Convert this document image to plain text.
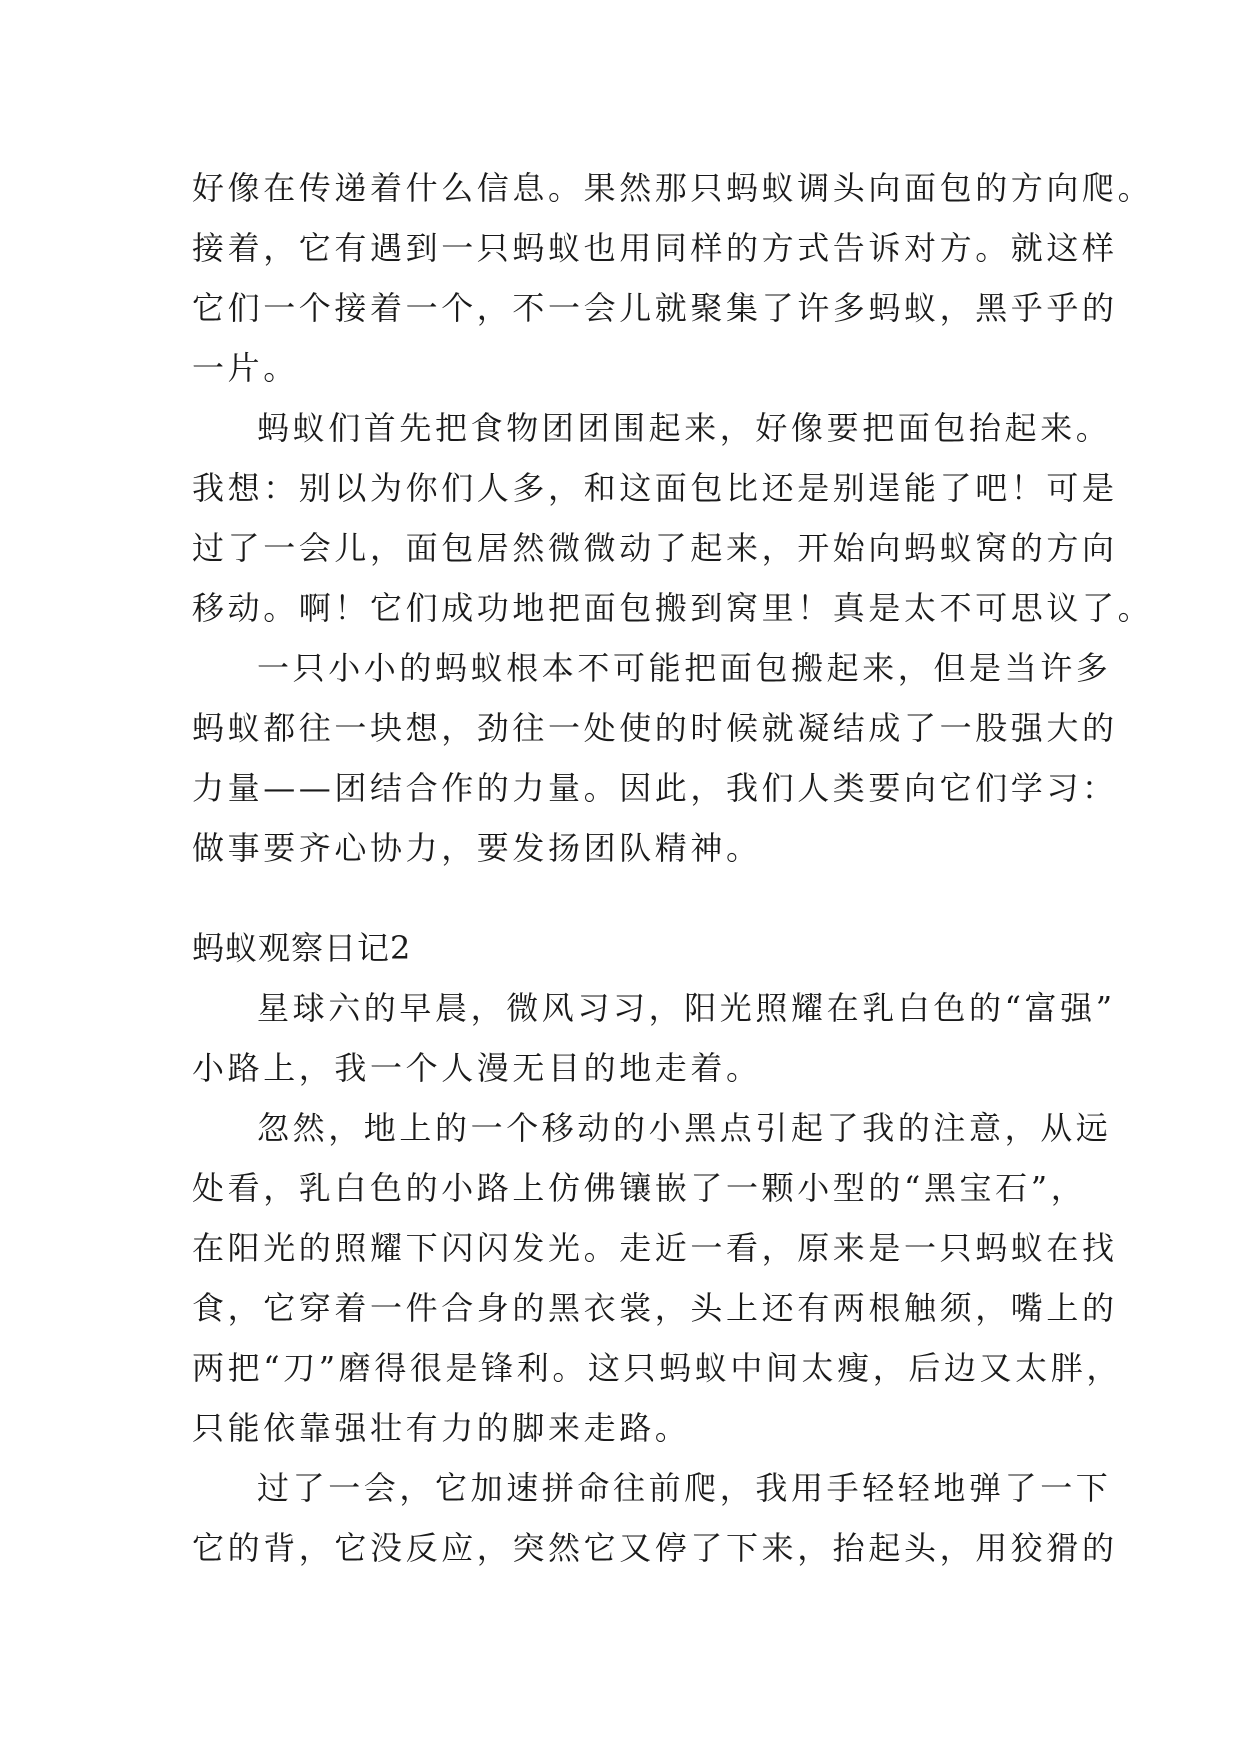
好像在传递着什么信息。果然那只蚂蚁调头向面包的方向爬。
接着，它有遇到一只蚂蚁也用同样的方式告诉对方。就这样
它们一个接着一个，不一会儿就聚集了许多蚂蚁，黑乎乎的
一片。
蚂蚁们首先把食物团团围起来，好像要把面包抬起来。
我想：别以为你们人多，和这面包比还是别逞能了吧！可是
过了一会儿，面包居然微微动了起来，开始向蚂蚁窝的方向
移动。啊！它们成功地把面包搬到窝里！真是太不可思议了。
一只小小的蚂蚁根本不可能把面包搬起来，但是当许多
蚂蚁都往一块想，劲往一处使的时候就凝结成了一股强大的
力量——团结合作的力量。因此，我们人类要向它们学习：
做事要齐心协力，要发扬团队精神。
蚂蚁观察日记2
星球六的早晨，微风习习，阳光照耀在乳白色的“富强”
小路上，我一个人漫无目的地走着。
忽然，地上的一个移动的小黑点引起了我的注意，从远
处看，乳白色的小路上仿佛镶嵌了一颗小型的“黑宝石”，
在阳光的照耀下闪闪发光。走近一看，原来是一只蚂蚁在找
食，它穿着一件合身的黑衣裳，头上还有两根触须，嘴上的
两把“刀”磨得很是锋利。这只蚂蚁中间太瘦，后边又太胖，
只能依靠强壮有力的脚来走路。
过了一会，它加速拼命往前爬，我用手轻轻地弹了一下
它的背，它没反应，突然它又停了下来，抬起头，用狡猾的
